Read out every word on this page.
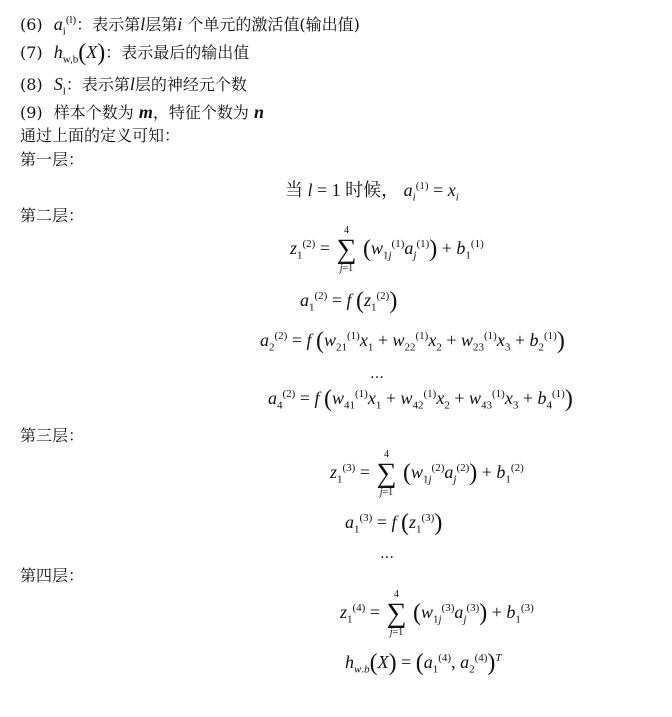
(6) $a_i^{(l)}$：表示第l层第i 个单元的激活值(输出值)
(7) $h_{w,b}(X)$：表示最后的输出值
(8) $S_l$：表示第l层的神经元个数
(9) 样本个数为 m，特征个数为 n
通过上面的定义可知：
第一层：
当 l = 1 时候， $a_i^{(1)} = x_i$
第二层：
$z_1^{(2)}$ =
4
∑
j=1
$(w_{1j}^{(1)}a_j^{(1)}) + b_1^{(1)}$
$a_1^{(2)} = f$ $(z_1^{(2)})$
$a_2^{(2)} = f$ $(w_{21}^{(1)}x_1 + w_{22}^{(1)}x_2 + w_{23}^{(1)}x_3 + b_2^{(1)})$
…
$a_4^{(2)} = f$ $(w_{41}^{(1)}x_1 + w_{42}^{(1)}x_2 + w_{43}^{(1)}x_3 + b_4^{(1)})$
第三层：
$z_1^{(3)}$ =
4
∑
j=1
$(w_{1j}^{(2)}a_j^{(2)}) + b_1^{(2)}$
$a_1^{(3)} = f$ $(z_1^{(3)})$
…
第四层：
$z_1^{(4)}$ =
4
∑
j=1
$(w_{1j}^{(3)}a_j^{(3)}) + b_1^{(3)}$
$h_{w.b}(X) = (a_1^{(4)}$, $a_2^{(4)})^T$
